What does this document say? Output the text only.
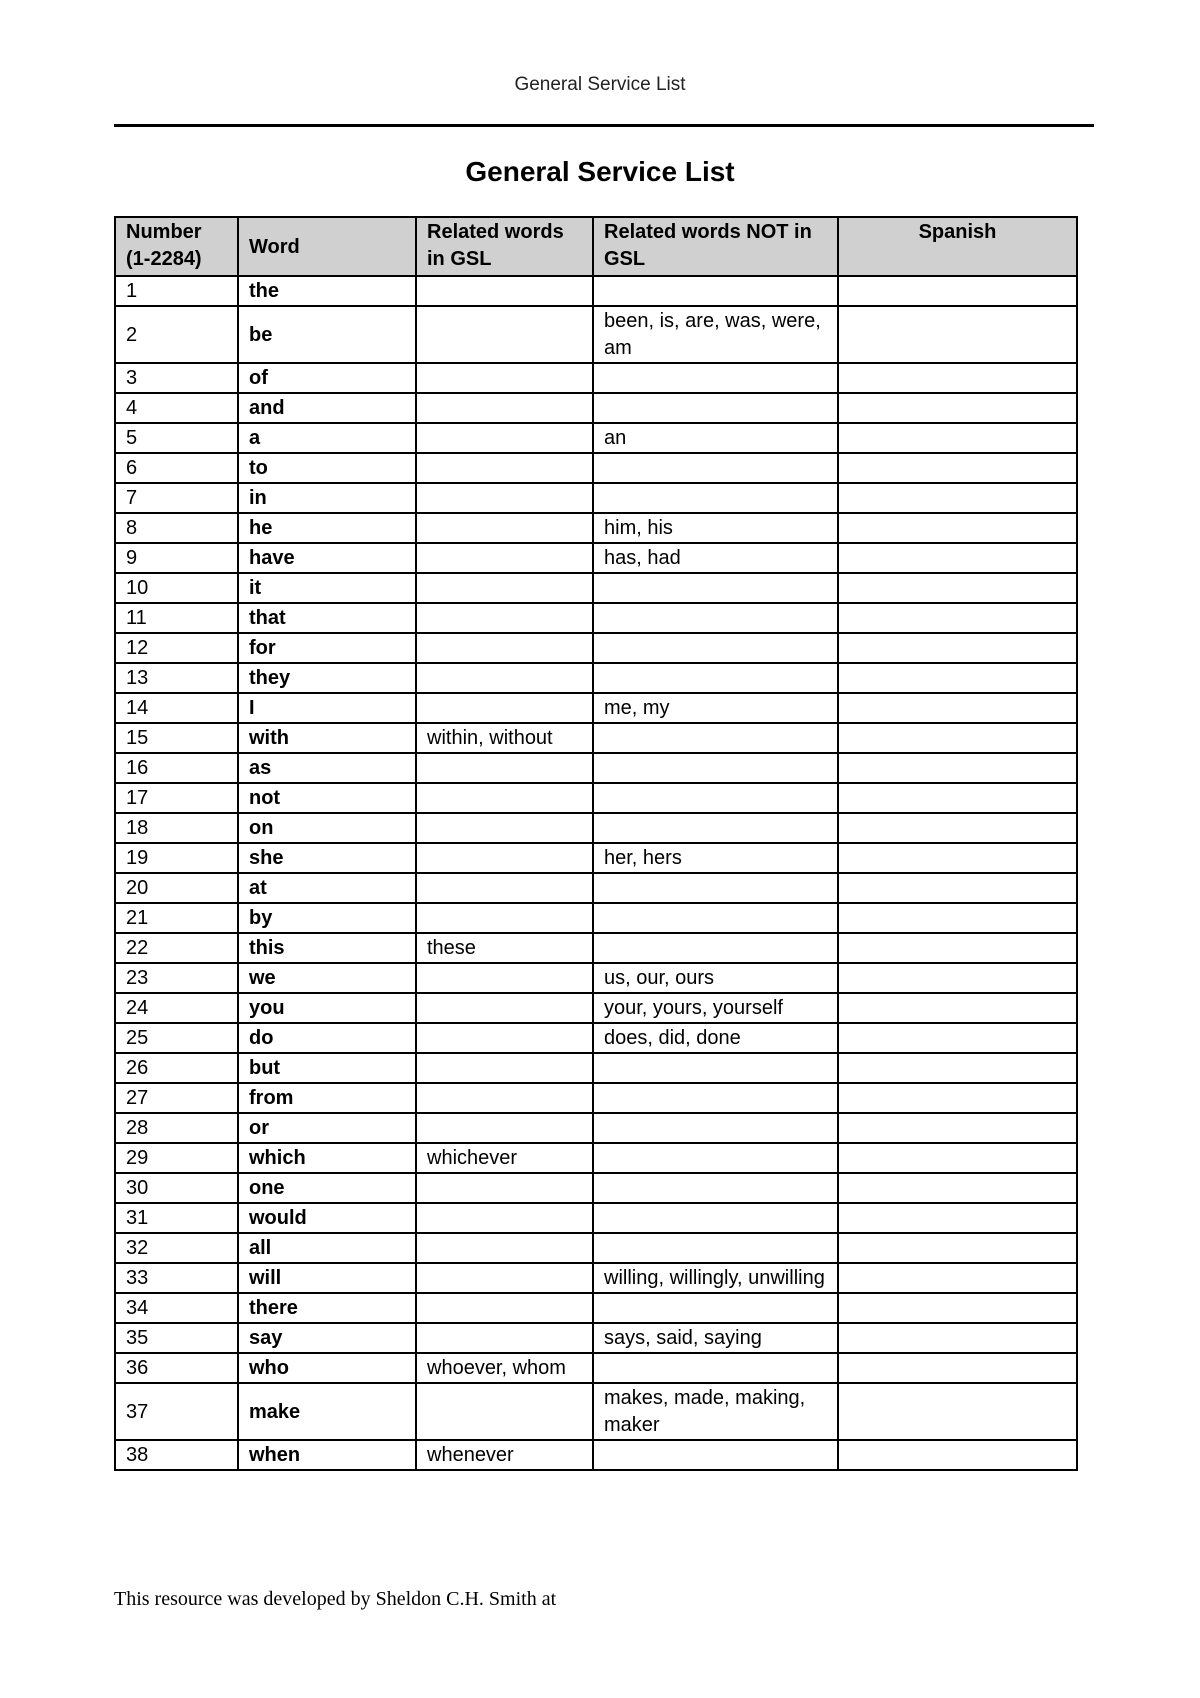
General Service List
General Service List
Number (1-2284)	Word	Related words in GSL	Related words NOT in GSL	Spanish
1	the			
2	be		been, is, are, was, were, am	
3	of			
4	and			
5	a		an	
6	to			
7	in			
8	he		him, his	
9	have		has, had	
10	it			
11	that			
12	for			
13	they			
14	I		me, my	
15	with	within, without		
16	as			
17	not			
18	on			
19	she		her, hers	
20	at			
21	by			
22	this	these		
23	we		us, our, ours	
24	you		your, yours, yourself	
25	do		does, did, done	
26	but			
27	from			
28	or			
29	which	whichever		
30	one			
31	would			
32	all			
33	will		willing, willingly, unwilling	
34	there			
35	say		says, said, saying	
36	who	whoever, whom		
37	make		makes, made, making, maker	
38	when	whenever		
This resource was developed by Sheldon C.H. Smith at
